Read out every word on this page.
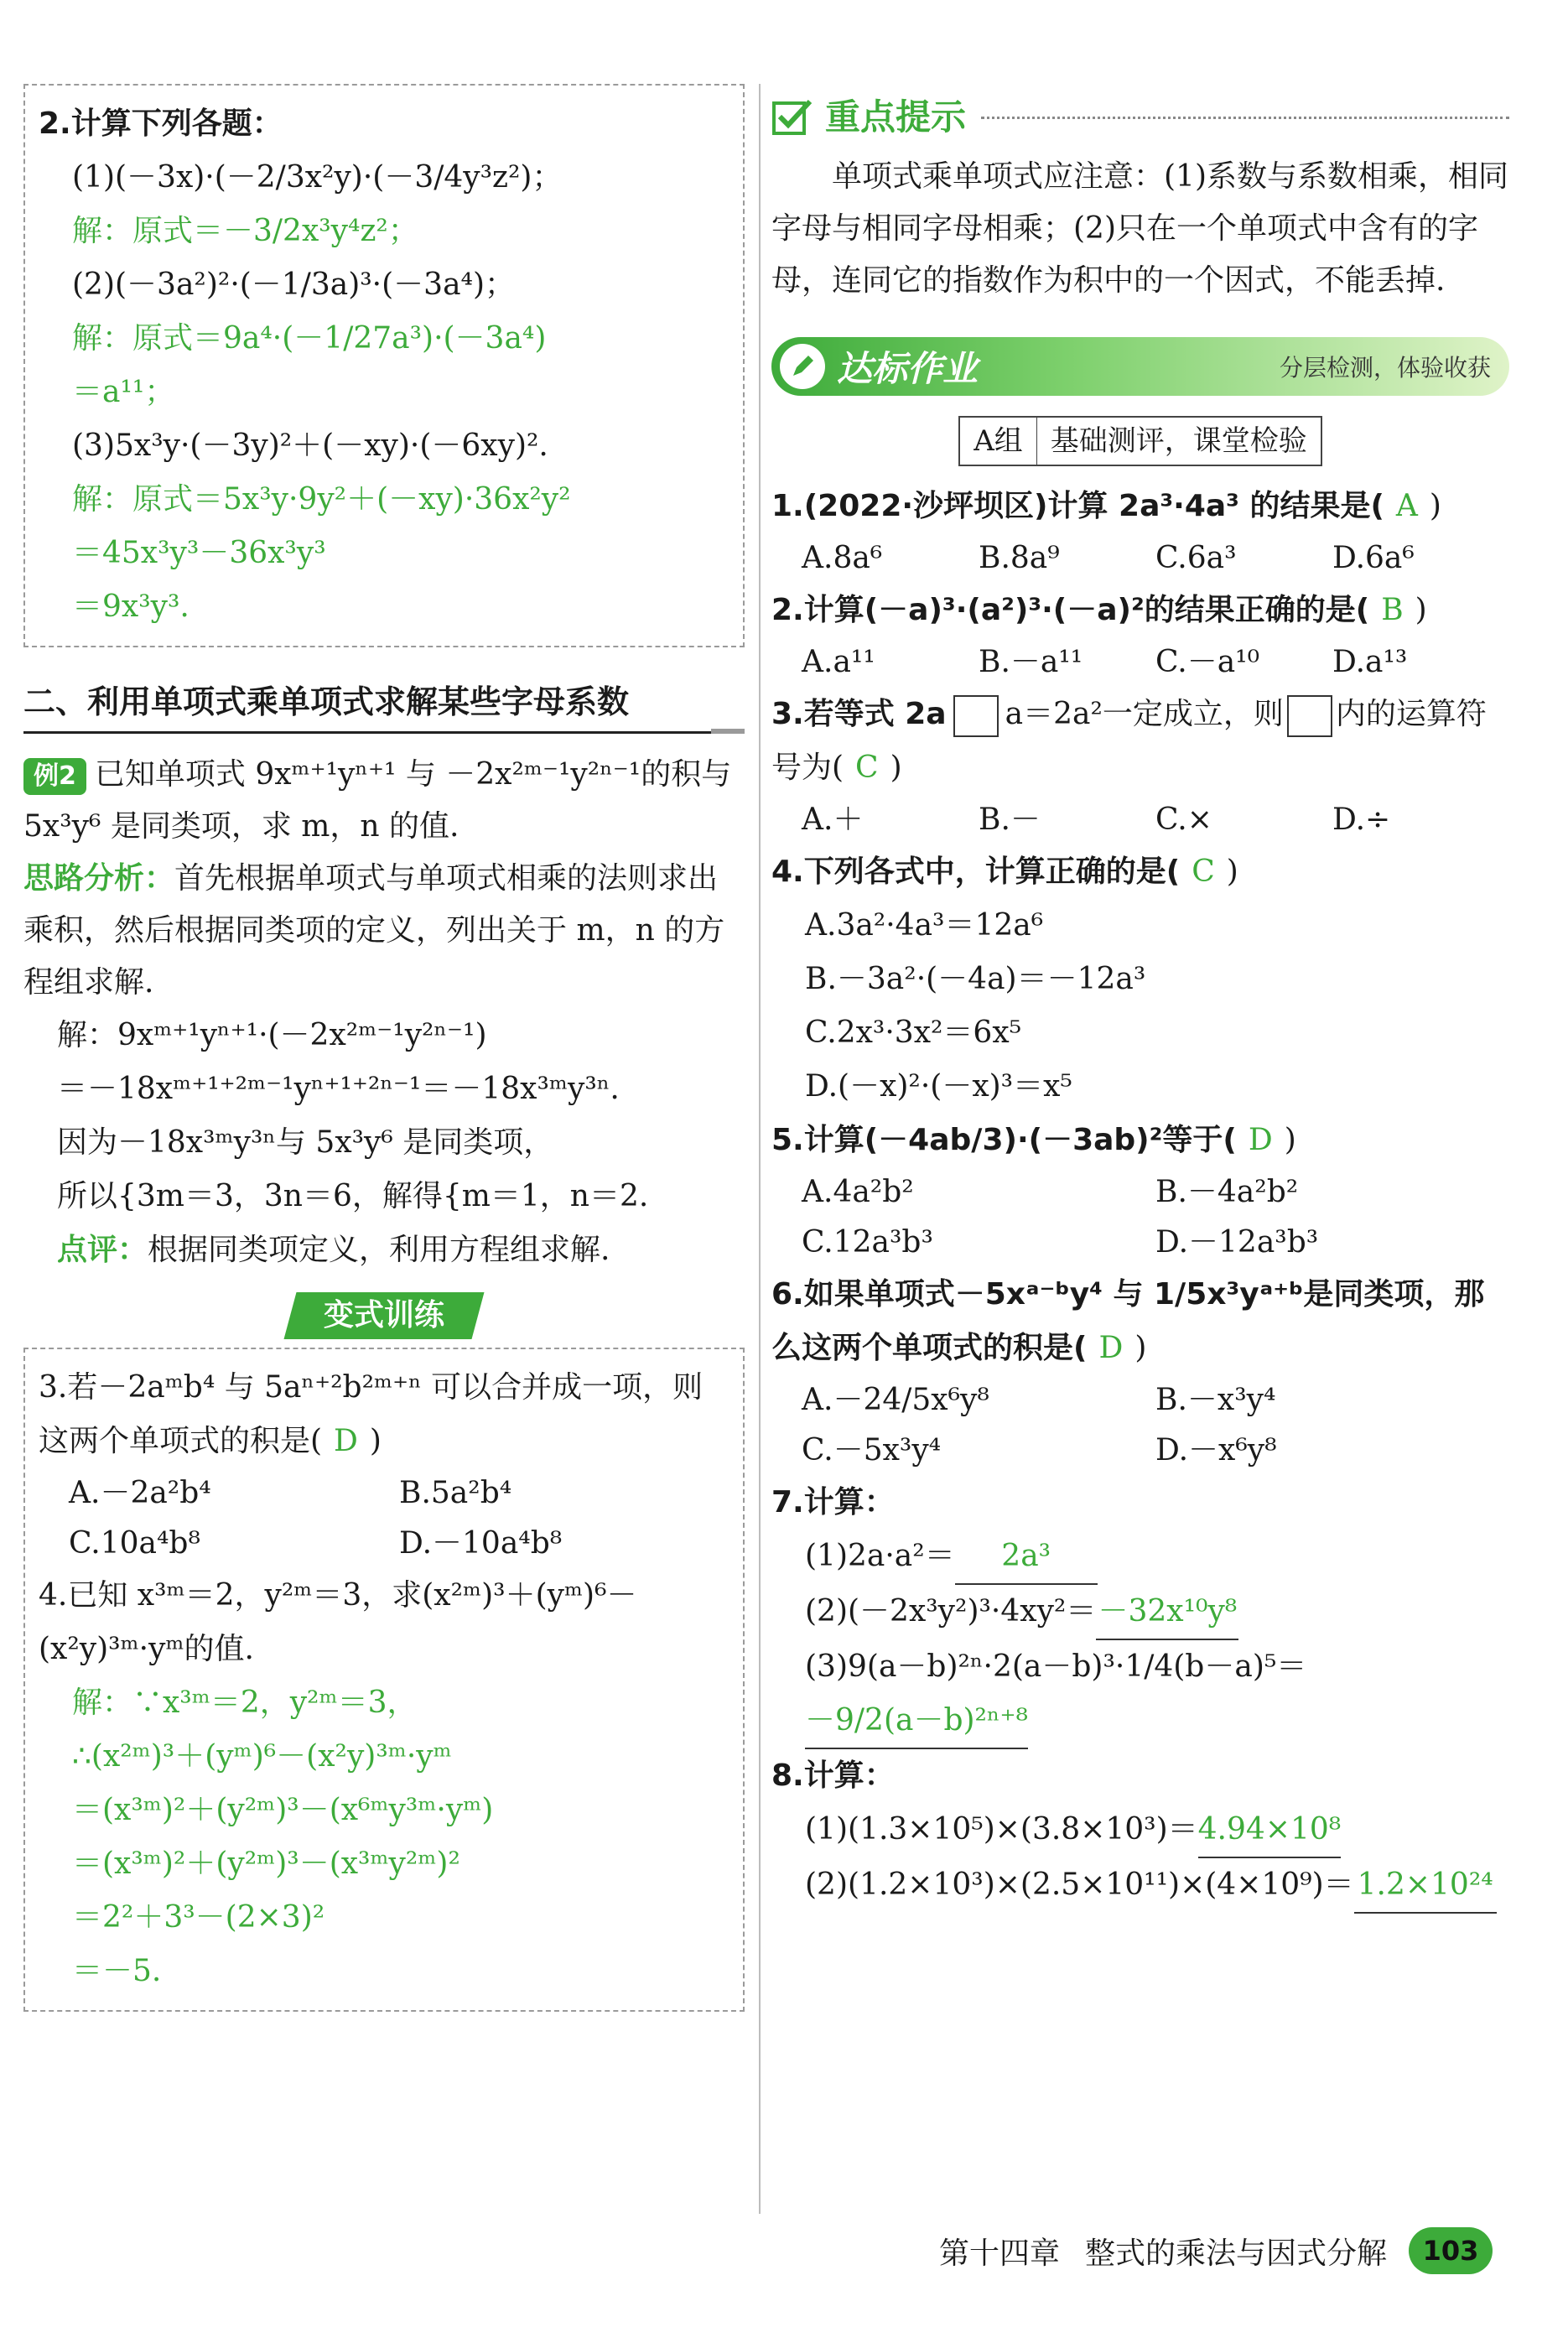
2.计算下列各题：
(1)(－3x)·(－2/3x²y)·(－3/4y³z²)；
解：原式＝－3/2x³y⁴z²；
(2)(－3a²)²·(－1/3a)³·(－3a⁴)；
解：原式＝9a⁴·(－1/27a³)·(－3a⁴)
＝a¹¹；
(3)5x³y·(－3y)²＋(－xy)·(－6xy)².
解：原式＝5x³y·9y²＋(－xy)·36x²y²
＝45x³y³－36x³y³
＝9x³y³.
二、利用单项式乘单项式求解某些字母系数
例2 已知单项式 9xᵐ⁺¹yⁿ⁺¹ 与 －2x²ᵐ⁻¹y²ⁿ⁻¹的积与 5x³y⁶ 是同类项，求 m，n 的值.
思路分析：首先根据单项式与单项式相乘的法则求出乘积，然后根据同类项的定义，列出关于 m，n 的方程组求解.
解：9xᵐ⁺¹yⁿ⁺¹·(－2x²ᵐ⁻¹y²ⁿ⁻¹)
＝－18xᵐ⁺¹⁺²ᵐ⁻¹yⁿ⁺¹⁺²ⁿ⁻¹＝－18x³ᵐy³ⁿ.
因为－18x³ᵐy³ⁿ与 5x³y⁶ 是同类项，
所以{3m＝3，3n＝6，解得{m＝1，n＝2.
点评：根据同类项定义，利用方程组求解.
变式训练
3.若－2aᵐb⁴ 与 5aⁿ⁺²b²ᵐ⁺ⁿ 可以合并成一项，则这两个单项式的积是( D )
A.－2a²b⁴	B.5a²b⁴
C.10a⁴b⁸	D.－10a⁴b⁸
4.已知 x³ᵐ＝2，y²ᵐ＝3，求(x²ᵐ)³＋(yᵐ)⁶－(x²y)³ᵐ·yᵐ的值.
解：∵x³ᵐ＝2，y²ᵐ＝3，
∴(x²ᵐ)³＋(yᵐ)⁶－(x²y)³ᵐ·yᵐ
＝(x³ᵐ)²＋(y²ᵐ)³－(x⁶ᵐy³ᵐ·yᵐ)
＝(x³ᵐ)²＋(y²ᵐ)³－(x³ᵐy²ᵐ)²
＝2²＋3³－(2×3)²
＝－5.
重点提示
单项式乘单项式应注意：(1)系数与系数相乘，相同字母与相同字母相乘；(2)只在一个单项式中含有的字母，连同它的指数作为积中的一个因式，不能丢掉.
达标作业	分层检测，体验收获
A组 基础测评，课堂检验
1.(2022·沙坪坝区)计算 2a³·4a³ 的结果是( A )
A.8a⁶	B.8a⁹	C.6a³	D.6a⁶
2.计算(－a)³·(a²)³·(－a)²的结果正确的是( B )
A.a¹¹	B.－a¹¹	C.－a¹⁰	D.a¹³
3.若等式 2a a＝2a²一定成立，则 内的运算符号为( C )
A.＋	B.－	C.×	D.÷
4.下列各式中，计算正确的是( C )
A.3a²·4a³＝12a⁶
B.－3a²·(－4a)＝－12a³
C.2x³·3x²＝6x⁵
D.(－x)²·(－x)³＝x⁵
5.计算(－4ab/3)·(－3ab)²等于( D )
A.4a²b²	B.－4a²b²
C.12a³b³	D.－12a³b³
6.如果单项式－5xᵃ⁻ᵇy⁴ 与 1/5x³yᵃ⁺ᵇ是同类项，那么这两个单项式的积是( D )
A.－24/5x⁶y⁸	B.－x³y⁴
C.－5x³y⁴	D.－x⁶y⁸
7.计算：
(1)2a·a²＝ 2a³
(2)(－2x³y²)³·4xy²＝－32x¹⁰y⁸
(3)9(a－b)²ⁿ·2(a－b)³·1/4(b－a)⁵＝－9/2(a－b)²ⁿ⁺⁸
8.计算：
(1)(1.3×10⁵)×(3.8×10³)＝4.94×10⁸
(2)(1.2×10³)×(2.5×10¹¹)×(4×10⁹)＝ 1.2×10²⁴
第十四章 整式的乘法与因式分解	103
